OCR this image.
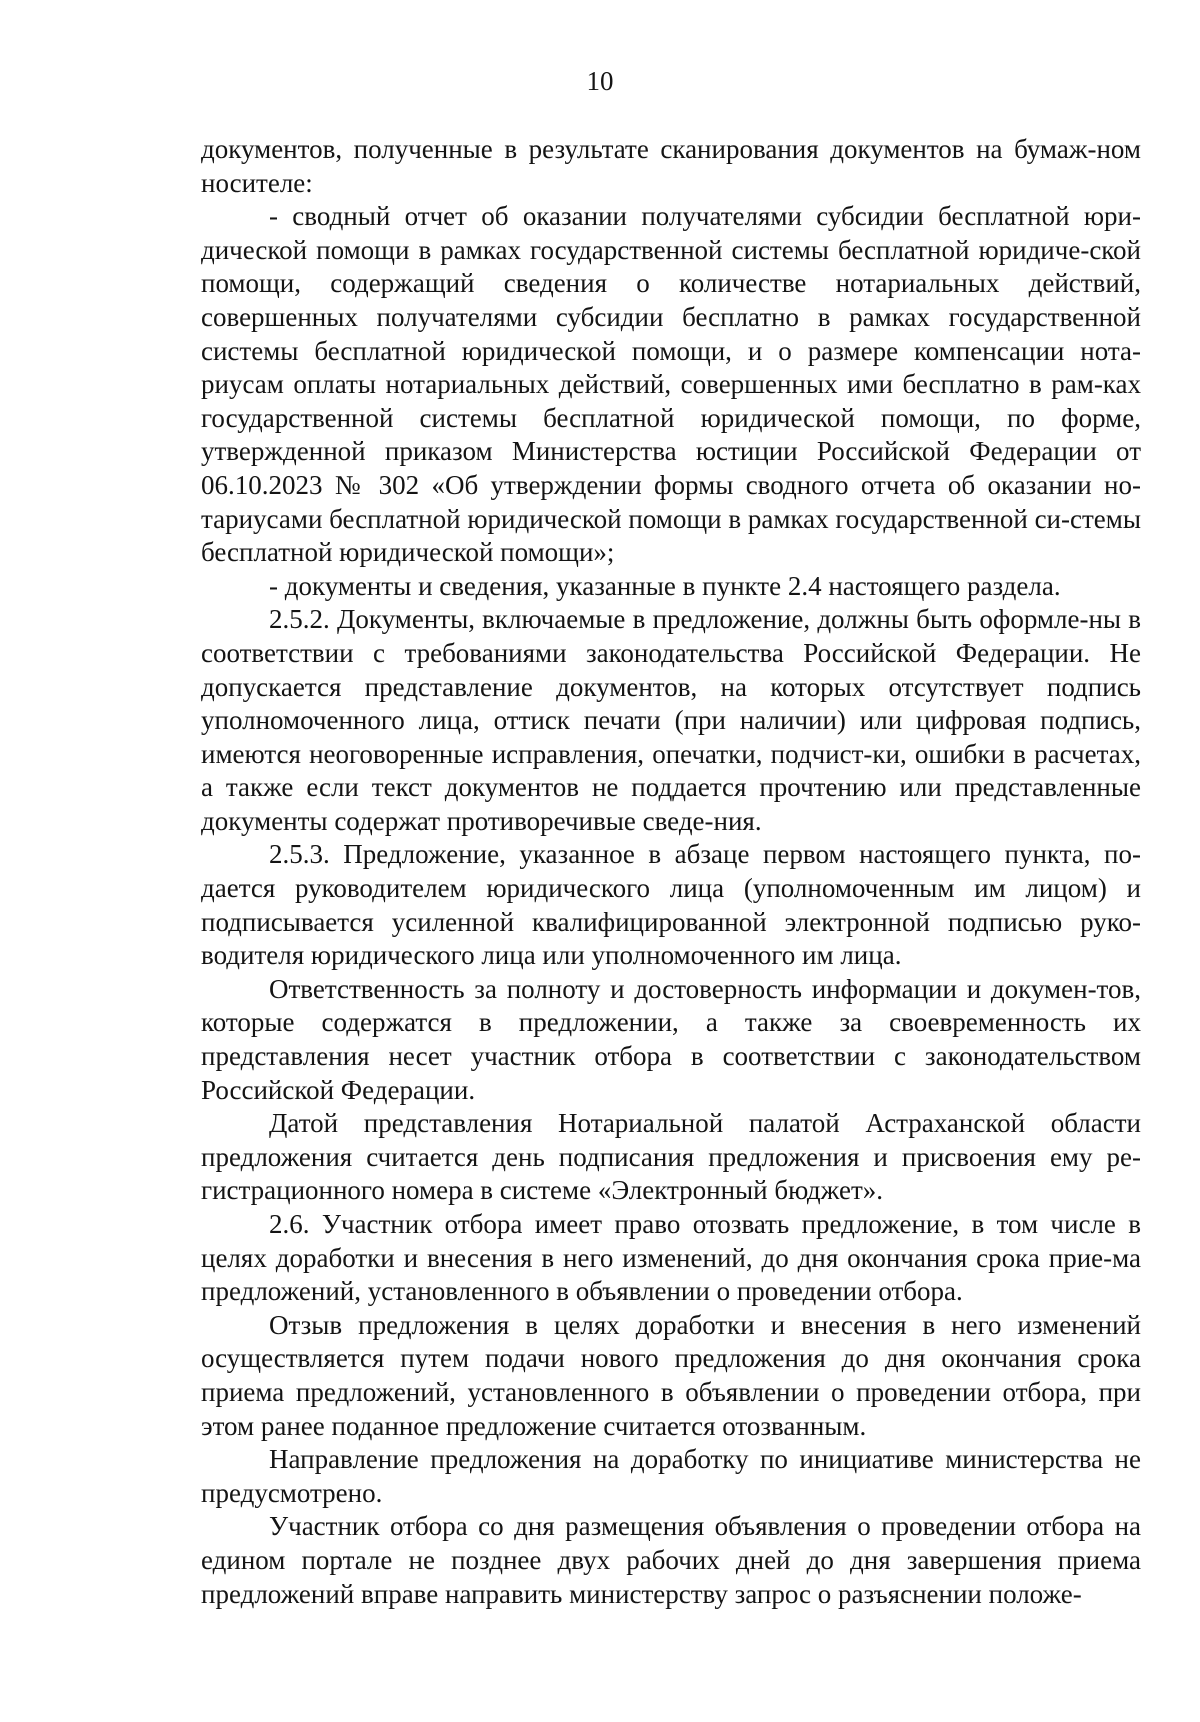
10

документов, полученные в результате сканирования документов на бумаж-ном носителе:

- сводный отчет об оказании получателями субсидии бесплатной юри-дической помощи в рамках государственной системы бесплатной юридиче-ской помощи, содержащий сведения о количестве нотариальных действий, совершенных получателями субсидии бесплатно в рамках государственной системы бесплатной юридической помощи, и о размере компенсации нота-риусам оплаты нотариальных действий, совершенных ими бесплатно в рам-ках государственной системы бесплатной юридической помощи, по форме, утвержденной приказом Министерства юстиции Российской Федерации от 06.10.2023 № 302 «Об утверждении формы сводного отчета об оказании но-тариусами бесплатной юридической помощи в рамках государственной си-стемы бесплатной юридической помощи»;

- документы и сведения, указанные в пункте 2.4 настоящего раздела.

2.5.2. Документы, включаемые в предложение, должны быть оформле-ны в соответствии с требованиями законодательства Российской Федерации. Не допускается представление документов, на которых отсутствует подпись уполномоченного лица, оттиск печати (при наличии) или цифровая подпись, имеются неоговоренные исправления, опечатки, подчист-ки, ошибки в расчетах, а также если текст документов не поддается прочтению или представленные документы содержат противоречивые сведе-ния.

2.5.3. Предложение, указанное в абзаце первом настоящего пункта, по-дается руководителем юридического лица (уполномоченным им лицом) и подписывается усиленной квалифицированной электронной подписью руко-водителя юридического лица или уполномоченного им лица.

Ответственность за полноту и достоверность информации и докумен-тов, которые содержатся в предложении, а также за своевременность их представления несет участник отбора в соответствии с законодательством Российской Федерации.

Датой представления Нотариальной палатой Астраханской области предложения считается день подписания предложения и присвоения ему ре-гистрационного номера в системе «Электронный бюджет».

2.6. Участник отбора имеет право отозвать предложение, в том числе в целях доработки и внесения в него изменений, до дня окончания срока прие-ма предложений, установленного в объявлении о проведении отбора.

Отзыв предложения в целях доработки и внесения в него изменений осуществляется путем подачи нового предложения до дня окончания срока приема предложений, установленного в объявлении о проведении отбора, при этом ранее поданное предложение считается отозванным.

Направление предложения на доработку по инициативе министерства не предусмотрено.

Участник отбора со дня размещения объявления о проведении отбора на едином портале не позднее двух рабочих дней до дня завершения приема предложений вправе направить министерству запрос о разъяснении положе-
